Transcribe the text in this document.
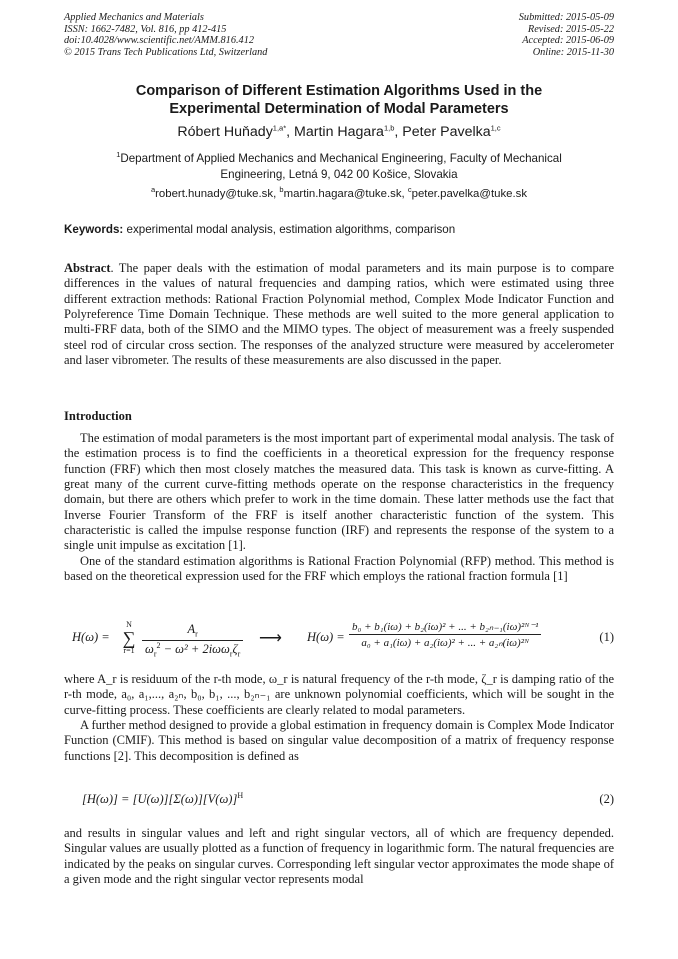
Applied Mechanics and Materials
ISSN: 1662-7482, Vol. 816, pp 412-415
doi:10.4028/www.scientific.net/AMM.816.412
© 2015 Trans Tech Publications Ltd, Switzerland
Submitted: 2015-05-09
Revised: 2015-05-22
Accepted: 2015-06-09
Online: 2015-11-30
Comparison of Different Estimation Algorithms Used in the
Experimental Determination of Modal Parameters
Róbert Huňady$^{1,a*}$, Martin Hagara$^{1,b}$, Peter Pavelka$^{1,c}$
$^1$Department of Applied Mechanics and Mechanical Engineering, Faculty of Mechanical
Engineering, Letná 9, 042 00 Košice, Slovakia
$^a$robert.hunady@tuke.sk, $^b$martin.hagara@tuke.sk, $^c$peter.pavelka@tuke.sk
Keywords: experimental modal analysis, estimation algorithms, comparison

Abstract. The paper deals with the estimation of modal parameters and its main purpose is to compare differences in the values of natural frequencies and damping ratios, which were estimated using three different extraction methods: Rational Fraction Polynomial method, Complex Mode Indicator Function and Polyreference Time Domain Technique. These methods are well suited to the more general application to multi-FRF data, both of the SIMO and the MIMO types. The object of measurement was a freely suspended steel rod of circular cross section. The responses of the analyzed structure were measured by accelerometer and laser vibrometer. The results of these measurements are also discussed in the paper.

Introduction

The estimation of modal parameters is the most important part of experimental modal analysis. The task of the estimation process is to find the coefficients in a theoretical expression for the frequency response function (FRF) which then most closely matches the measured data. This task is known as curve-fitting. A great many of the current curve-fitting methods operate on the response characteristics in the frequency domain, but there are others which prefer to work in the time domain. These latter methods use the fact that Inverse Fourier Transform of the FRF is itself another characteristic function of the system. This characteristic is called the impulse response function (IRF) and represents the response of the system to a single unit impulse as excitation [1].

One of the standard estimation algorithms is Rational Fraction Polynomial (RFP) method. This method is based on the theoretical expression used for the FRF which employs the rational fraction formula [1]

H(ω) =
N
∑
r=1
$A_r$
$\omega_r^2 - \omega^2 + 2i\omega\omega_r\zeta_r$
⟶ $H(\omega) = \frac{\text{b₀ + b₁(iω) + b₂(iω)² + ... + b₂ₙ₋₁(iω)²ᴺ⁻¹}}{\text{a₀ + a₁(iω) + a₂(iω)² + ... + a₂ₙ(iω)²ᴺ}}$	(1)

where A_r is residuum of the r-th mode, ω_r is natural frequency of the r-th mode, ζ_r is damping ratio of the r-th mode, a₀, a₁,..., a₂ₙ, b₀, b₁, ..., b₂ₙ₋₁ are unknown polynomial coefficients, which will be sought in the curve-fitting process. These coefficients are clearly related to modal parameters.

A further method designed to provide a global estimation in frequency domain is Complex Mode Indicator Function (CMIF). This method is based on singular value decomposition of a matrix of frequency response functions [2]. This decomposition is defined as

$[H(\omega)] = [U(\omega)][\Sigma(\omega)][V(\omega)]^H$	(2)

and results in singular values and left and right singular vectors, all of which are frequency depended. Singular values are usually plotted as a function of frequency in logarithmic form. The natural frequencies are indicated by the peaks on singular curves. Corresponding left singular vector approximates the mode shape of a given mode and the right singular vector represents modal
